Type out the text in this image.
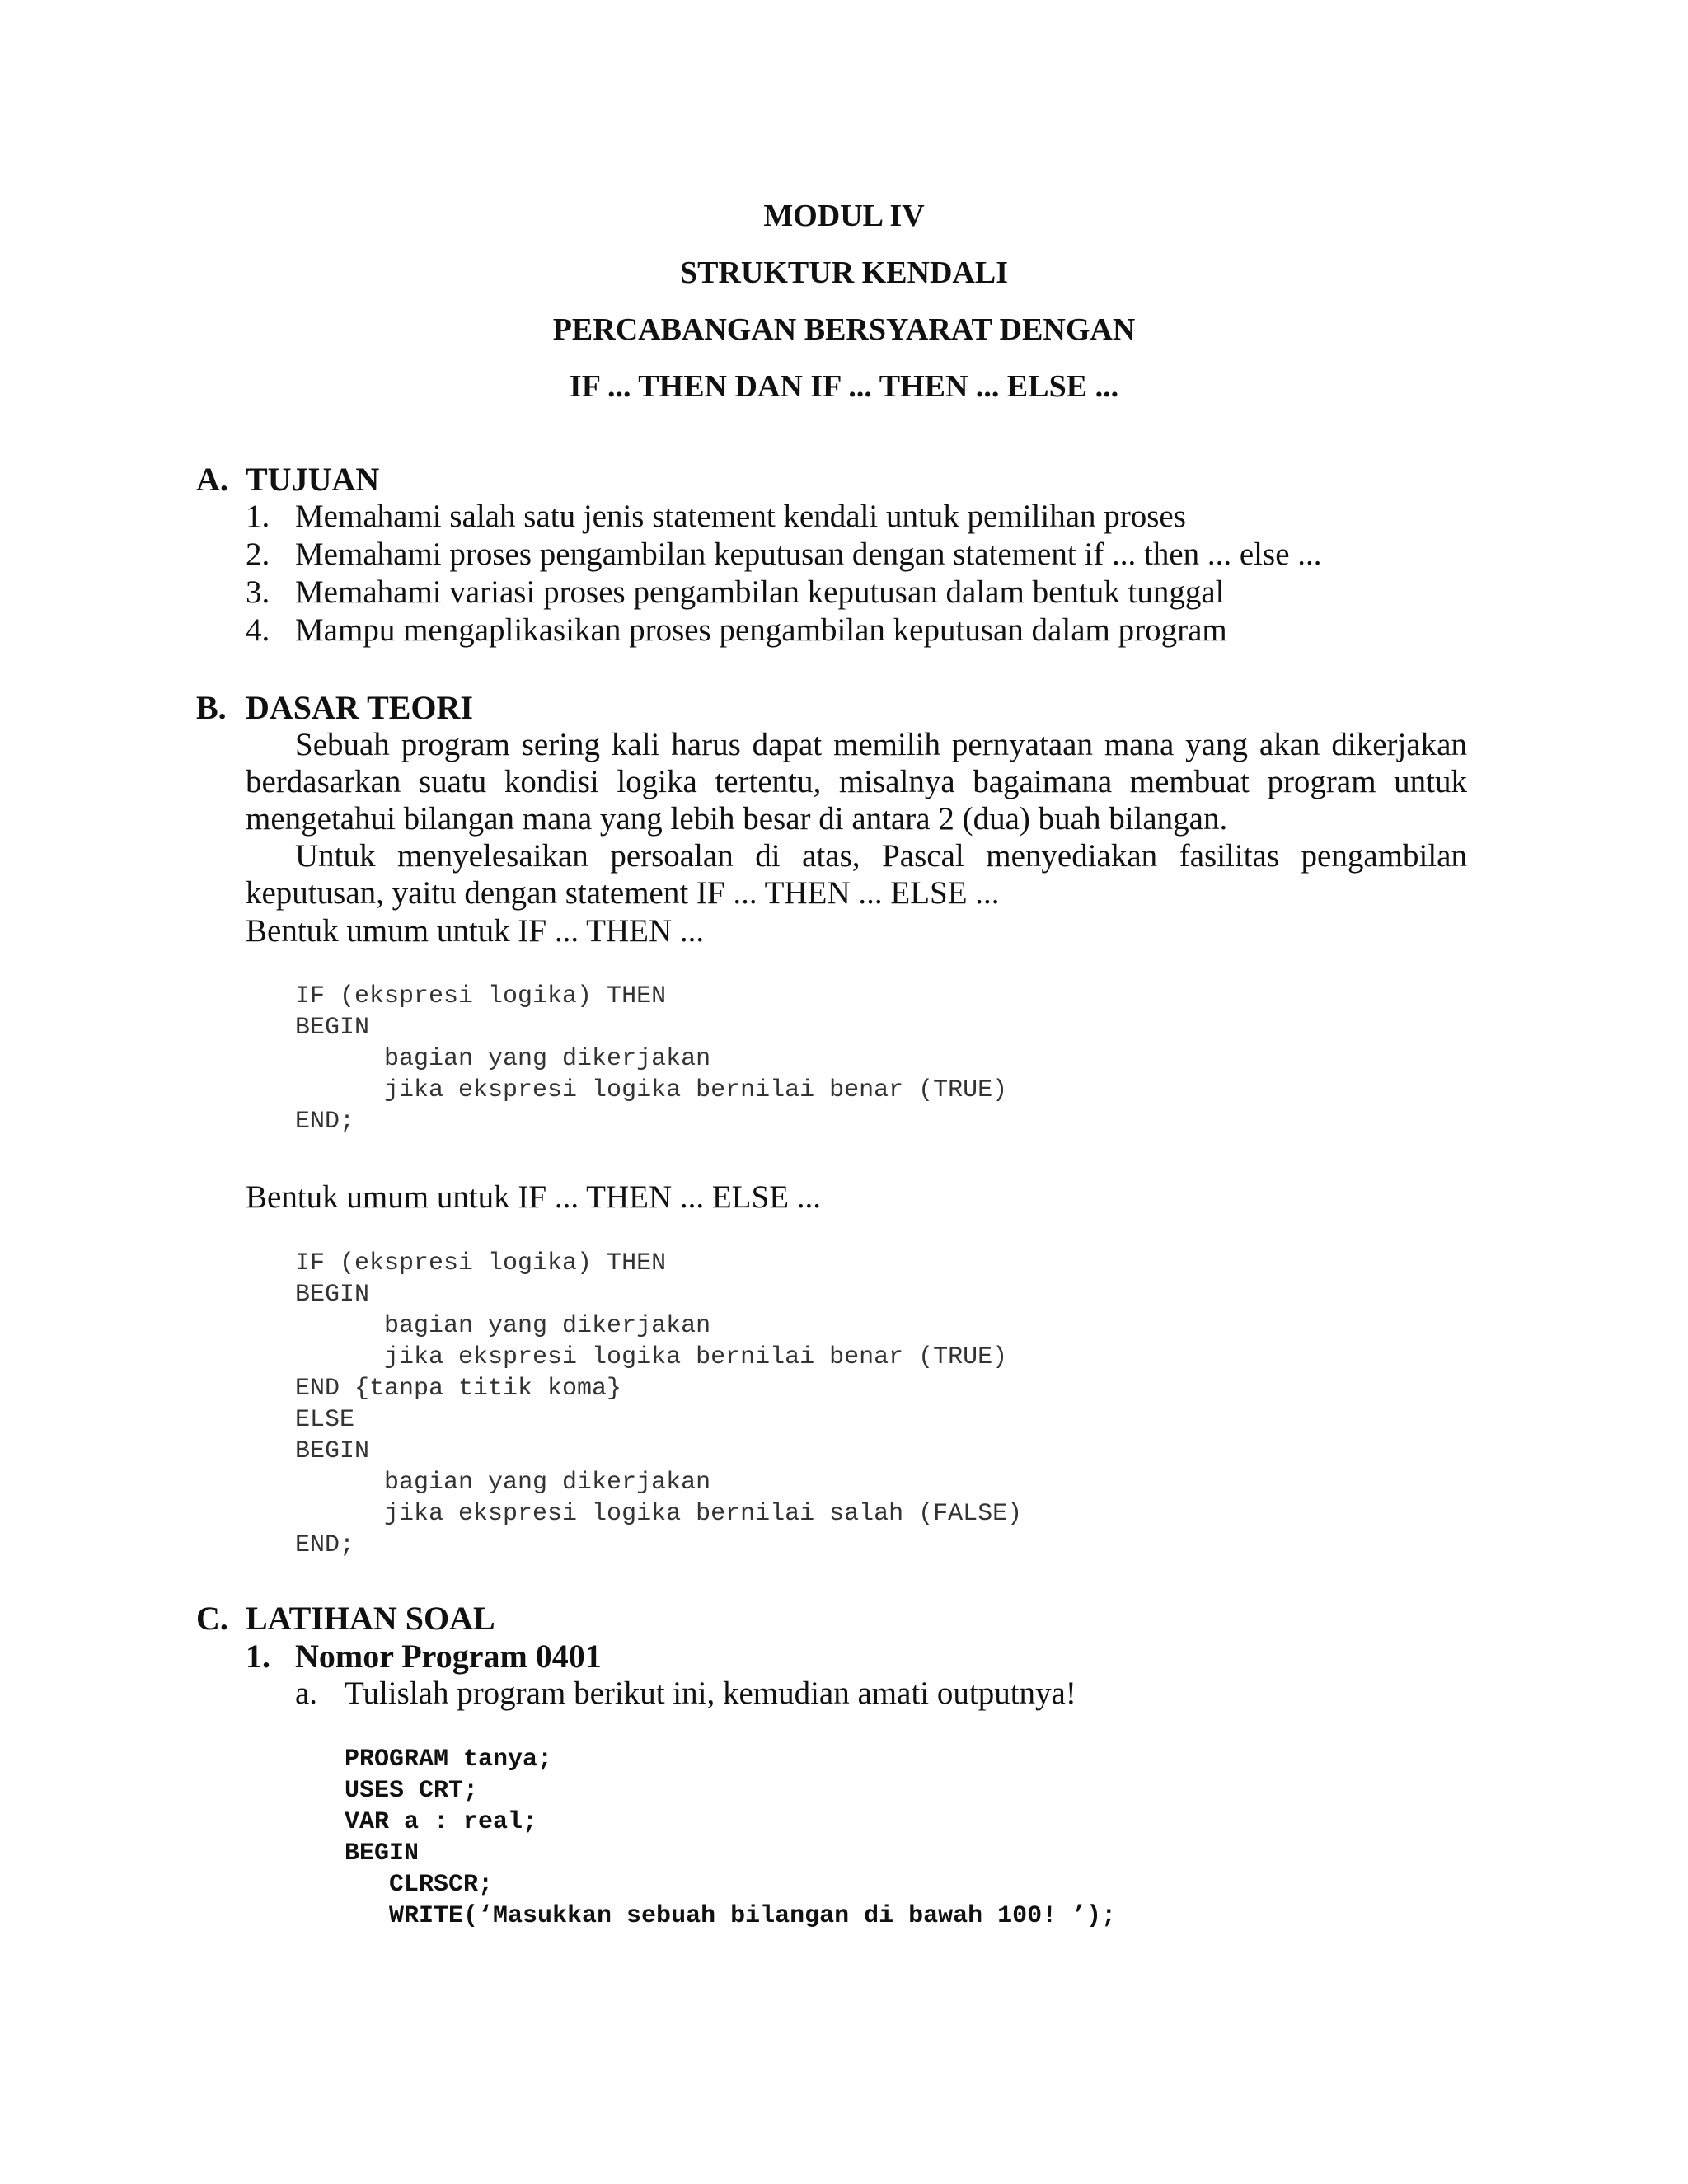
MODUL IV
STRUKTUR KENDALI
PERCABANGAN BERSYARAT DENGAN
IF ... THEN DAN IF ... THEN ... ELSE ...
A. TUJUAN
1. Memahami salah satu jenis statement kendali untuk pemilihan proses
2. Memahami proses pengambilan keputusan dengan statement if ... then ... else ...
3. Memahami variasi proses pengambilan keputusan dalam bentuk tunggal
4. Mampu mengaplikasikan proses pengambilan keputusan dalam program
B. DASAR TEORI
Sebuah program sering kali harus dapat memilih pernyataan mana yang akan dikerjakan
berdasarkan suatu kondisi logika tertentu, misalnya bagaimana membuat program untuk
mengetahui bilangan mana yang lebih besar di antara 2 (dua) buah bilangan.
Untuk menyelesaikan persoalan di atas, Pascal menyediakan fasilitas pengambilan
keputusan, yaitu dengan statement IF ... THEN ... ELSE ...
Bentuk umum untuk IF ... THEN ...
IF (ekspresi logika) THEN
BEGIN
bagian yang dikerjakan
jika ekspresi logika bernilai benar (TRUE)
END;
Bentuk umum untuk IF ... THEN ... ELSE ...
IF (ekspresi logika) THEN
BEGIN
bagian yang dikerjakan
jika ekspresi logika bernilai benar (TRUE)
END {tanpa titik koma}
ELSE
BEGIN
bagian yang dikerjakan
jika ekspresi logika bernilai salah (FALSE)
END;
C. LATIHAN SOAL
1. Nomor Program 0401
a. Tulislah program berikut ini, kemudian amati outputnya!
PROGRAM tanya;
USES CRT;
VAR a : real;
BEGIN
CLRSCR;
WRITE(‘Masukkan sebuah bilangan di bawah 100! ’);
